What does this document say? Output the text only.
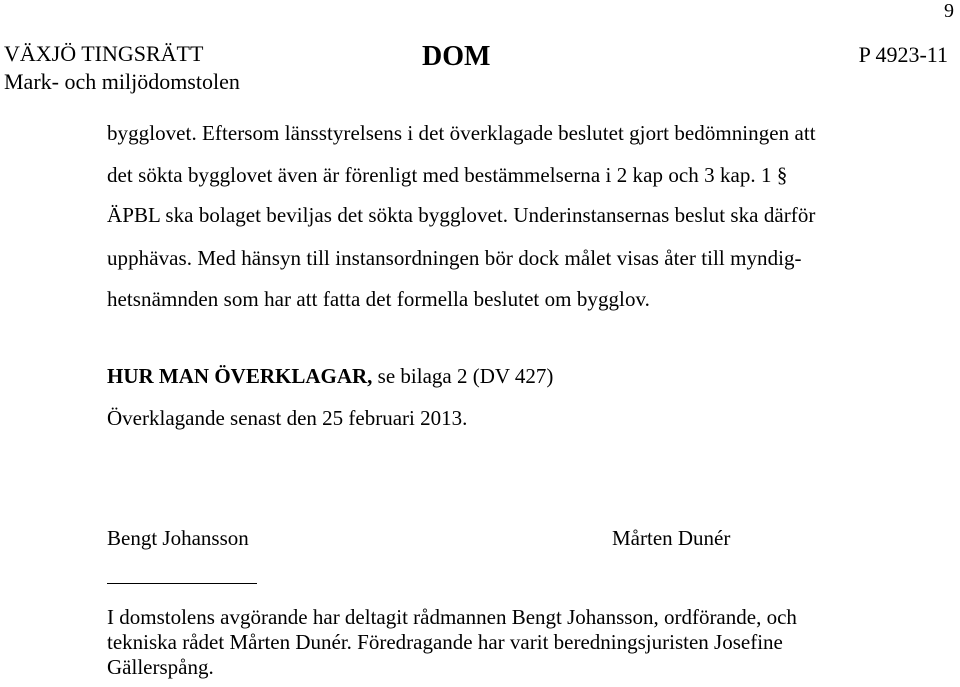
9
VÄXJÖ TINGSRÄTT
Mark- och miljödomstolen
DOM	P 4923-11
bygglovet. Eftersom länsstyrelsens i det överklagade beslutet gjort bedömningen att
det sökta bygglovet även är förenligt med bestämmelserna i 2 kap och 3 kap. 1 §
ÄPBL ska bolaget beviljas det sökta bygglovet. Underinstansernas beslut ska därför
upphävas. Med hänsyn till instansordningen bör dock målet visas åter till myndig-
hetsnämnden som har att fatta det formella beslutet om bygglov.
HUR MAN ÖVERKLAGAR, se bilaga 2 (DV 427)
Överklagande senast den 25 februari 2013.
Bengt Johansson	Mårten Dunér
I domstolens avgörande har deltagit rådmannen Bengt Johansson, ordförande, och
tekniska rådet Mårten Dunér. Föredragande har varit beredningsjuristen Josefine
Gällerspång.
